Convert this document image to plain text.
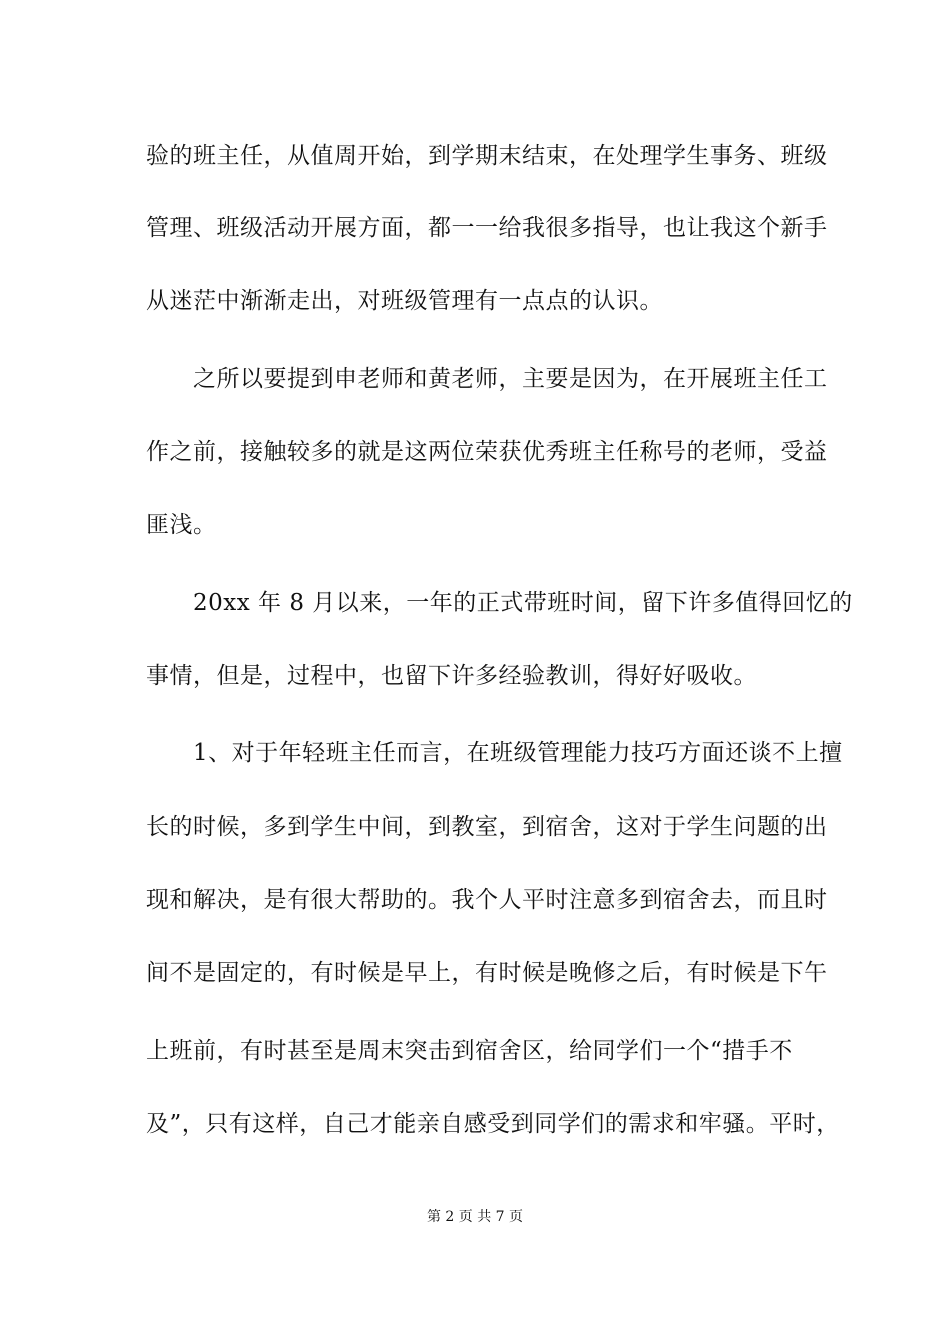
验的班主任，从值周开始，到学期末结束，在处理学生事务、班级
管理、班级活动开展方面，都一一给我很多指导，也让我这个新手
从迷茫中渐渐走出，对班级管理有一点点的认识。
　　之所以要提到申老师和黄老师，主要是因为，在开展班主任工
作之前，接触较多的就是这两位荣获优秀班主任称号的老师，受益
匪浅。
　　20xx 年 8 月以来，一年的正式带班时间，留下许多值得回忆的
事情，但是，过程中，也留下许多经验教训，得好好吸收。
　　1、对于年轻班主任而言，在班级管理能力技巧方面还谈不上擅
长的时候，多到学生中间，到教室，到宿舍，这对于学生问题的出
现和解决，是有很大帮助的。我个人平时注意多到宿舍去，而且时
间不是固定的，有时候是早上，有时候是晚修之后，有时候是下午
上班前，有时甚至是周末突击到宿舍区，给同学们一个“措手不
及”，只有这样，自己才能亲自感受到同学们的需求和牢骚。平时，
第 2 页 共 7 页
